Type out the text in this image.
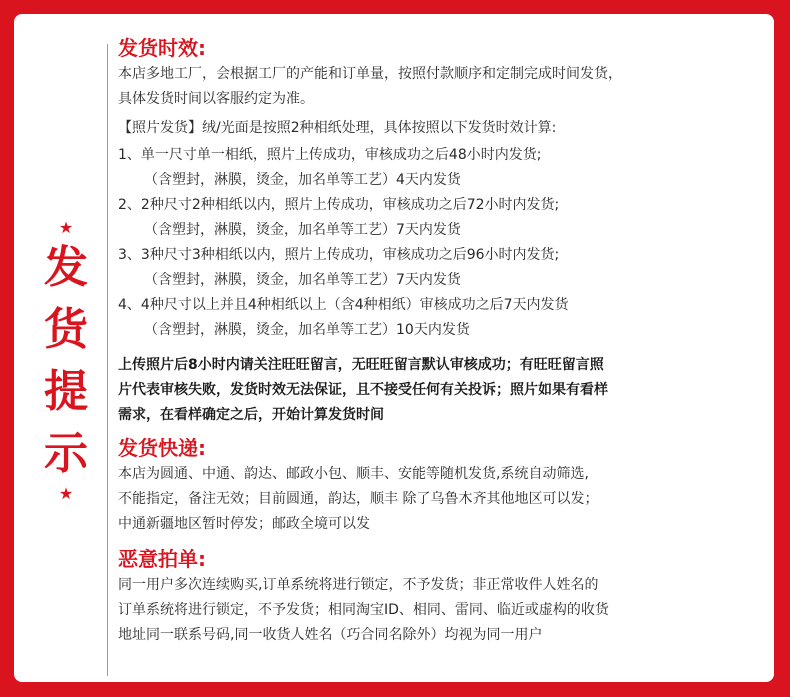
★
发
货
提
示
★

发货时效:

本店多地工厂，会根据工厂的产能和订单量，按照付款顺序和定制完成时间发货，

具体发货时间以客服约定为准。

【照片发货】绒/光面是按照2种相纸处理，具体按照以下发货时效计算:

1、单一尺寸单一相纸，照片上传成功，审核成功之后48小时内发货;

（含塑封，淋膜，烫金，加名单等工艺）4天内发货

2、2种尺寸2种相纸以内，照片上传成功，审核成功之后72小时内发货;

（含塑封，淋膜，烫金，加名单等工艺）7天内发货

3、3种尺寸3种相纸以内，照片上传成功，审核成功之后96小时内发货;

（含塑封，淋膜，烫金，加名单等工艺）7天内发货

4、4种尺寸以上并且4种相纸以上（含4种相纸）审核成功之后7天内发货

（含塑封，淋膜，烫金，加名单等工艺）10天内发货

上传照片后8小时内请关注旺旺留言，无旺旺留言默认审核成功；有旺旺留言照

片代表审核失败，发货时效无法保证，且不接受任何有关投诉；照片如果有看样

需求，在看样确定之后，开始计算发货时间

发货快递:

本店为圆通、中通、韵达、邮政小包、顺丰、安能等随机发货,系统自动筛选,

不能指定，备注无效；目前圆通，韵达，顺丰 除了乌鲁木齐其他地区可以发；

中通新疆地区暂时停发；邮政全境可以发

恶意拍单:

同一用户多次连续购买,订单系统将进行锁定，不予发货；非正常收件人姓名的

订单系统将进行锁定，不予发货；相同淘宝ID、相同、雷同、临近或虚构的收货

地址同一联系号码,同一收货人姓名（巧合同名除外）均视为同一用户
